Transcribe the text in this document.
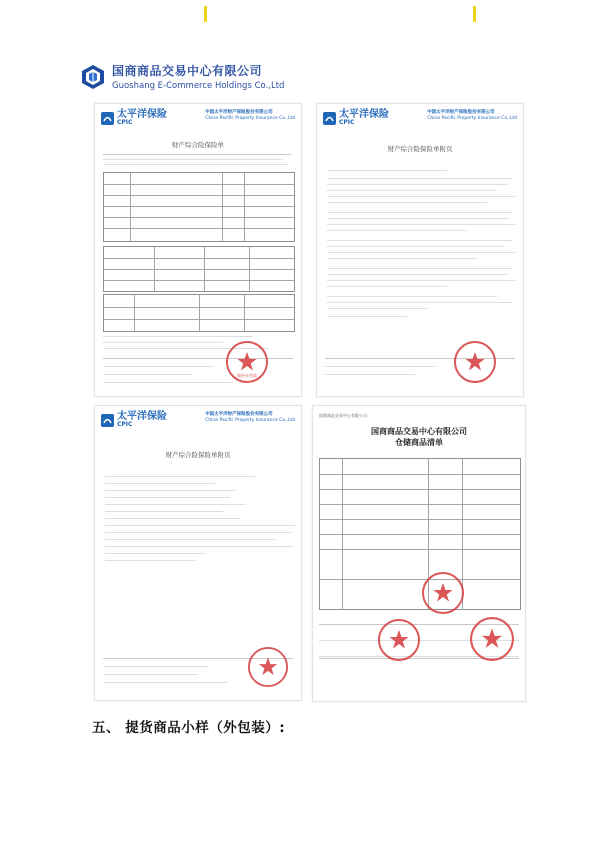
国商商品交易中心有限公司
Guoshang E-Commerce Holdings Co.,Ltd
太平洋保险
CPIC
中国太平洋财产保险股份有限公司
China Pacific Property Insurance Co.,Ltd
财产综合险保险单
保单专用章
太平洋保险
CPIC
中国太平洋财产保险股份有限公司
China Pacific Property Insurance Co.,Ltd
财产综合险保险单附页
太平洋保险
CPIC
中国太平洋财产保险股份有限公司
China Pacific Property Insurance Co.,Ltd
财产综合险保险单附页
国商商品交易中心有限公司
国商商品交易中心有限公司
仓储商品清单
五、 提货商品小样（外包装）:
